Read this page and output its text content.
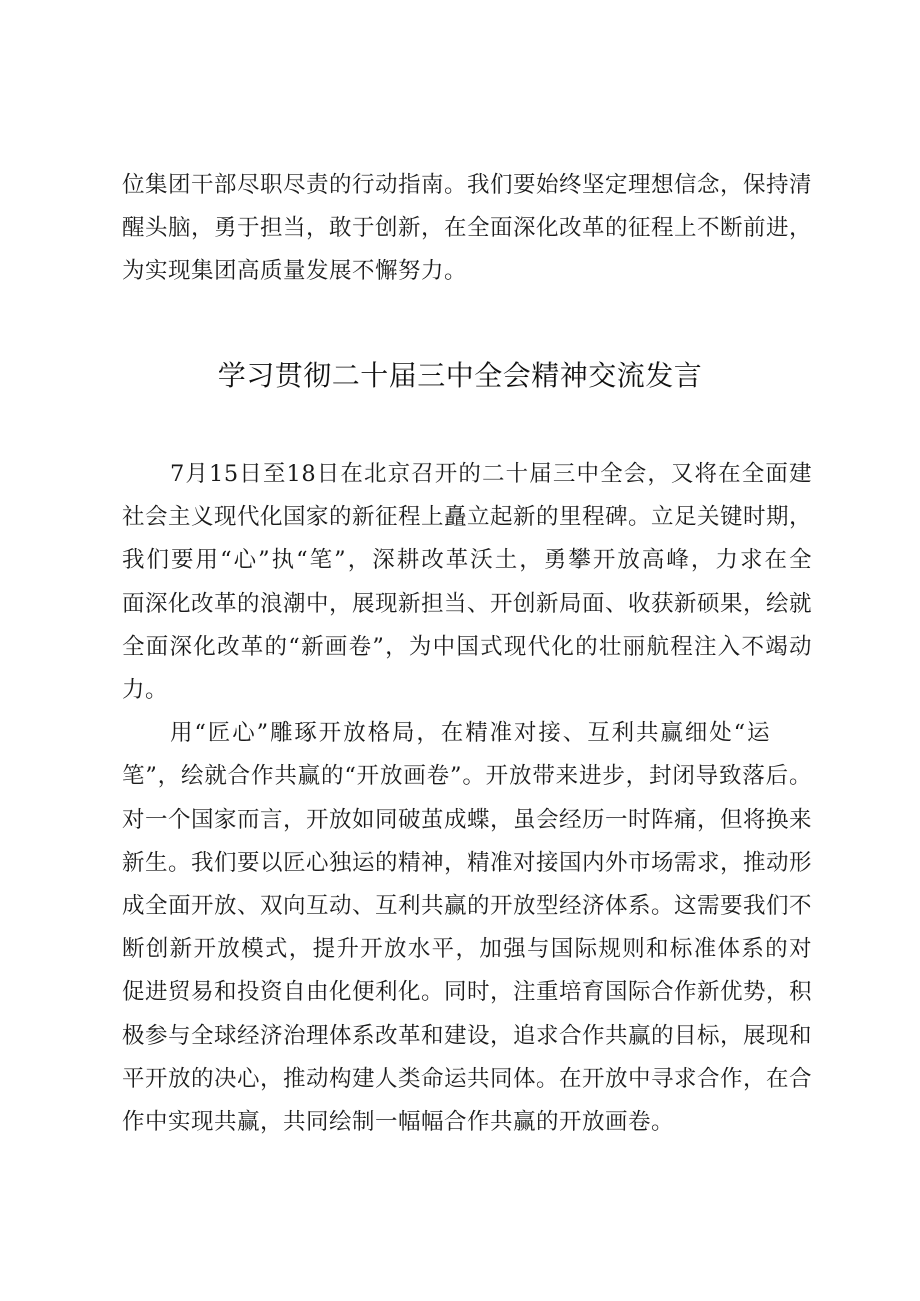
位集团干部尽职尽责的行动指南。我们要始终坚定理想信念，保持清
醒头脑，勇于担当，敢于创新，在全面深化改革的征程上不断前进，
为实现集团高质量发展不懈努力。
学习贯彻二十届三中全会精神交流发言
7月15日至18日在北京召开的二十届三中全会，又将在全面建
社会主义现代化国家的新征程上矗立起新的里程碑。立足关键时期，
我们要用“心”执“笔”，深耕改革沃土，勇攀开放高峰，力求在全
面深化改革的浪潮中，展现新担当、开创新局面、收获新硕果，绘就
全面深化改革的“新画卷”，为中国式现代化的壮丽航程注入不竭动
力。
用“匠心”雕琢开放格局，在精准对接、互利共赢细处“运
笔”，绘就合作共赢的“开放画卷”。开放带来进步，封闭导致落后。
对一个国家而言，开放如同破茧成蝶，虽会经历一时阵痛，但将换来
新生。我们要以匠心独运的精神，精准对接国内外市场需求，推动形
成全面开放、双向互动、互利共赢的开放型经济体系。这需要我们不
断创新开放模式，提升开放水平，加强与国际规则和标准体系的对
促进贸易和投资自由化便利化。同时，注重培育国际合作新优势，积
极参与全球经济治理体系改革和建设，追求合作共赢的目标，展现和
平开放的决心，推动构建人类命运共同体。在开放中寻求合作，在合
作中实现共赢，共同绘制一幅幅合作共赢的开放画卷。
